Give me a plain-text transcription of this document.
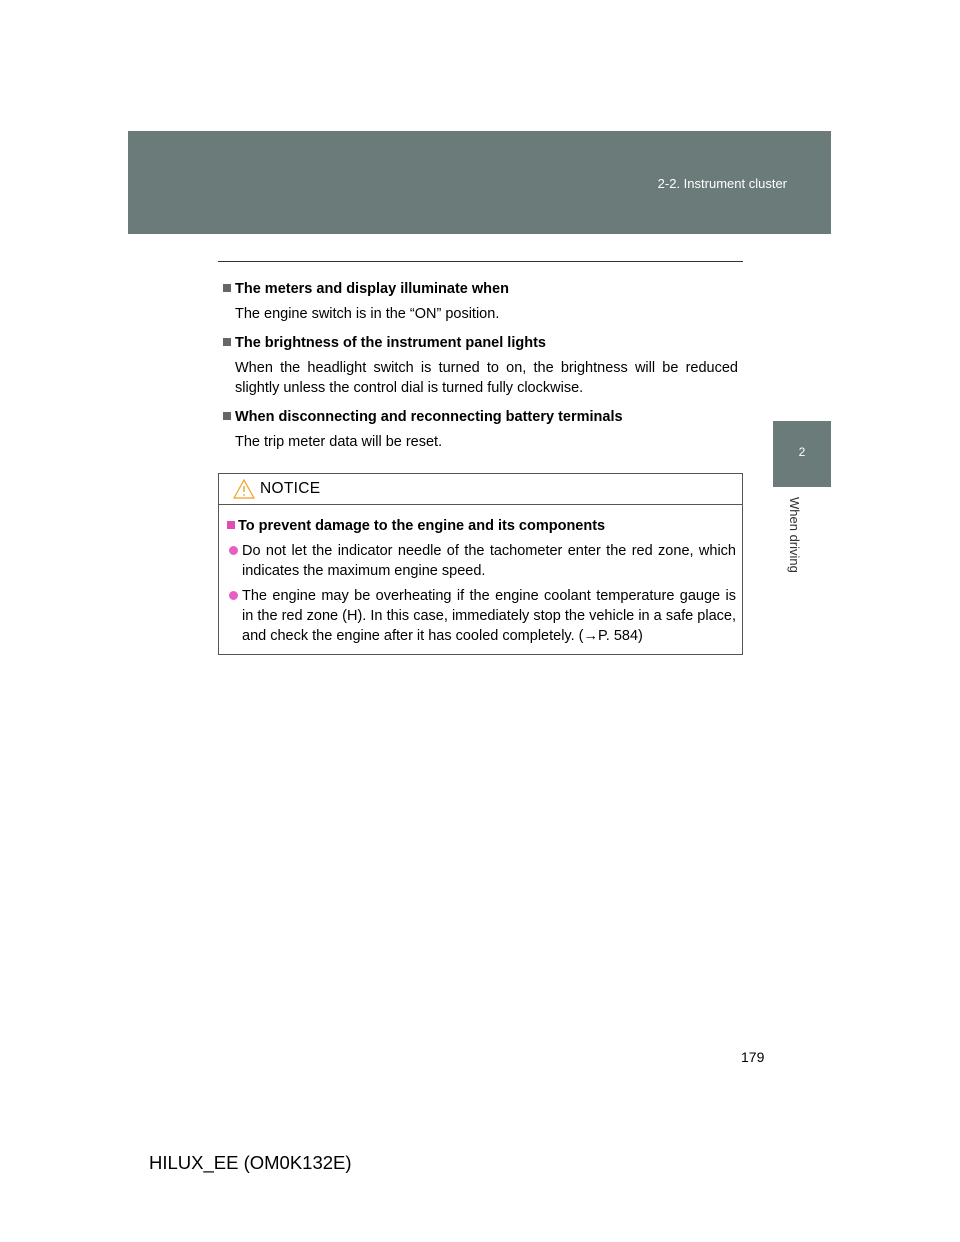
2-2. Instrument cluster
2
When driving
The meters and display illuminate when
The engine switch is in the “ON” position.
The brightness of the instrument panel lights
When the headlight switch is turned to on, the brightness will be reduced slightly unless the control dial is turned fully clockwise.
When disconnecting and reconnecting battery terminals
The trip meter data will be reset.
NOTICE
To prevent damage to the engine and its components
Do not let the indicator needle of the tachometer enter the red zone, which indicates the maximum engine speed.
The engine may be overheating if the engine coolant temperature gauge is in the red zone (H). In this case, immediately stop the vehicle in a safe place, and check the engine after it has cooled completely. (→P. 584)
179
HILUX_EE (OM0K132E)
